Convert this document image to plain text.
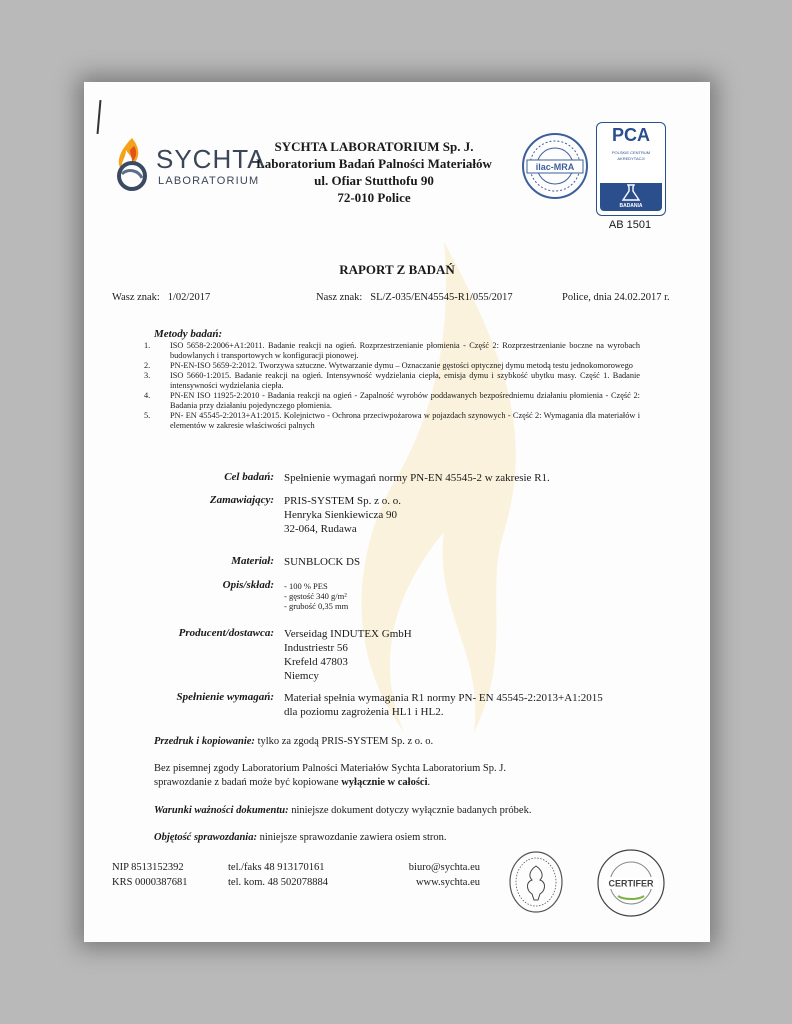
SYCHTA
LABORATORIUM
SYCHTA LABORATORIUM Sp. J.
Laboratorium Badań Palności Materiałów
ul. Ofiar Stutthofu 90
72-010 Police
ilac-MRA
PCA
POLSKIE CENTRUM
AKREDYTACJI
BADANIA
AB 1501
RAPORT Z BADAŃ
Wasz znak: 1/02/2017	Nasz znak: SL/Z-035/EN45545-R1/055/2017	Police, dnia 24.02.2017 r.
Metody badań:
1. ISO 5658-2:2006+A1:2011. Badanie reakcji na ogień. Rozprzestrzenianie płomienia - Część 2: Rozprzestrzenianie boczne na wyrobach budowlanych i transportowych w konfiguracji pionowej.
2. PN-EN-ISO 5659-2:2012. Tworzywa sztuczne. Wytwarzanie dymu – Oznaczanie gęstości optycznej dymu metodą testu jednokomorowego
3. ISO 5660-1:2015. Badanie reakcji na ogień. Intensywność wydzielania ciepła, emisja dymu i szybkość ubytku masy. Część 1. Badanie intensywności wydzielania ciepła.
4. PN-EN ISO 11925-2:2010 - Badania reakcji na ogień - Zapalność wyrobów poddawanych bezpośredniemu działaniu płomienia - Część 2: Badania przy działaniu pojedynczego płomienia.
5. PN- EN 45545-2:2013+A1:2015. Kolejnictwo - Ochrona przeciwpożarowa w pojazdach szynowych - Część 2: Wymagania dla materiałów i elementów w zakresie właściwości palnych
Cel badań: Spełnienie wymagań normy PN-EN 45545-2 w zakresie R1.
Zamawiający: PRIS-SYSTEM Sp. z o. o.
Henryka Sienkiewicza 90
32-064, Rudawa
Materiał: SUNBLOCK DS
Opis/skład: - 100 % PES
- gęstość 340 g/m²
- grubość 0,35 mm
Producent/dostawca: Verseidag INDUTEX GmbH
Industriestr 56
Krefeld 47803
Niemcy
Spełnienie wymagań: Materiał spełnia wymagania R1 normy PN- EN 45545-2:2013+A1:2015
dla poziomu zagrożenia HL1 i HL2.
Przedruk i kopiowanie: tylko za zgodą PRIS-SYSTEM Sp. z o. o.
Bez pisemnej zgody Laboratorium Palności Materiałów Sychta Laboratorium Sp. J.
sprawozdanie z badań może być kopiowane wyłącznie w całości.
Warunki ważności dokumentu: niniejsze dokument dotyczy wyłącznie badanych próbek.
Objętość sprawozdania: niniejsze sprawozdanie zawiera osiem stron.
NIP 8513152392
KRS 0000387681
tel./faks 48 913170161
tel. kom. 48 502078884
biuro@sychta.eu
www.sychta.eu	CERTIFER
